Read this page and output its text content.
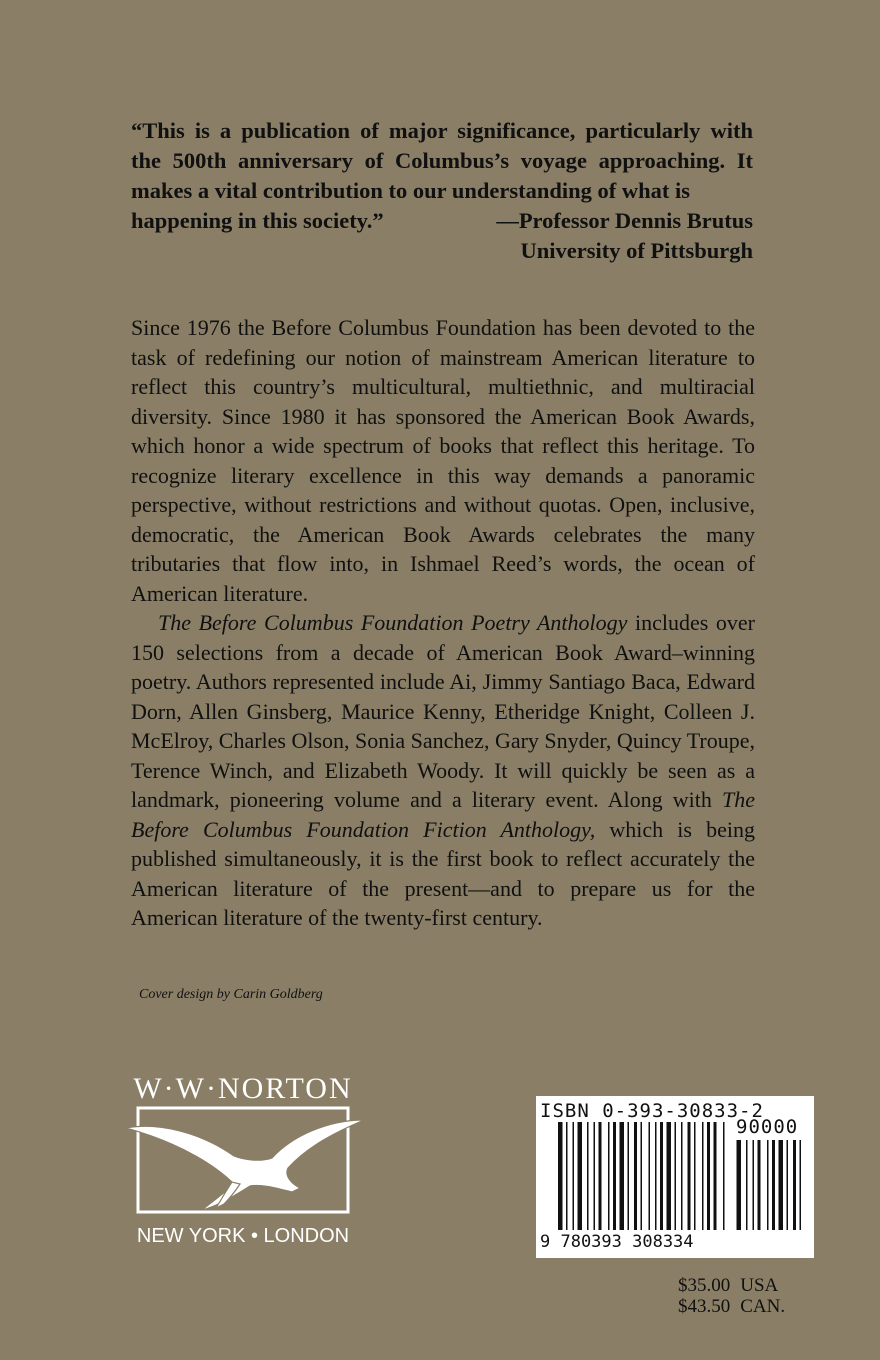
“This is a publication of major significance, particularly with the 500th anniversary of Columbus’s voyage approaching. It makes a vital contribution to our understanding of what is

happening in this society.”	—Professor Dennis Brutus

University of Pittsburgh

Since 1976 the Before Columbus Foundation has been devoted to the task of redefining our notion of mainstream American literature to reflect this country’s multicultural, multiethnic, and multiracial diversity. Since 1980 it has sponsored the American Book Awards, which honor a wide spectrum of books that reflect this heritage. To recognize literary excellence in this way demands a panoramic perspective, without restrictions and without quotas. Open, inclusive, democratic, the American Book Awards celebrates the many tributaries that flow into, in Ishmael Reed’s words, the ocean of American literature.

The Before Columbus Foundation Poetry Anthology includes over 150 selections from a decade of American Book Award–winning poetry. Authors represented include Ai, Jimmy Santiago Baca, Edward Dorn, Allen Ginsberg, Maurice Kenny, Etheridge Knight, Colleen J. McElroy, Charles Olson, Sonia Sanchez, Gary Snyder, Quincy Troupe, Terence Winch, and Elizabeth Woody. It will quickly be seen as a landmark, pioneering volume and a literary event. Along with The Before Columbus Foundation Fiction Anthology, which is being published simultaneously, it is the first book to reflect accurately the American literature of the present—and to prepare us for the American literature of the twenty-first century.

Cover design by Carin Goldberg
W·W·NORTON
NEW YORK • LONDON
ISBN 0-393-30833-2
90000
9 780393 308334
$35.00 USA
$43.50 CAN.
